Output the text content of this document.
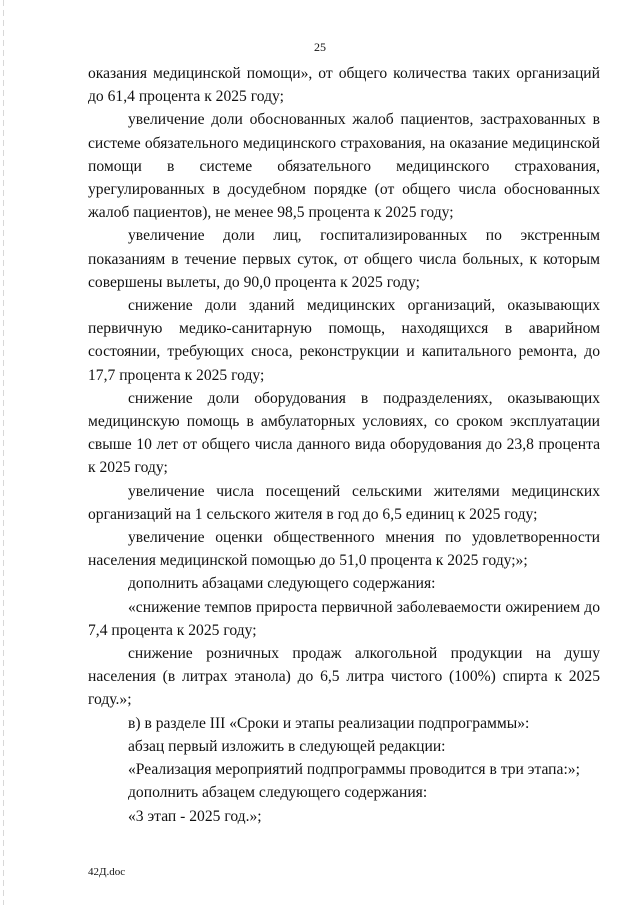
25

оказания медицинской помощи», от общего количества таких организаций до 61,4 процента к 2025 году;

увеличение доли обоснованных жалоб пациентов, застрахованных в системе обязательного медицинского страхования, на оказание медицинской помощи в системе обязательного медицинского страхования, урегулированных в досудебном порядке (от общего числа обоснованных жалоб пациентов), не менее 98,5 процента к 2025 году;

увеличение доли лиц, госпитализированных по экстренным показаниям в течение первых суток, от общего числа больных, к которым совершены вылеты, до 90,0 процента к 2025 году;

снижение доли зданий медицинских организаций, оказывающих первичную медико-санитарную помощь, находящихся в аварийном состоянии, требующих сноса, реконструкции и капитального ремонта, до 17,7 процента к 2025 году;

снижение доли оборудования в подразделениях, оказывающих медицинскую помощь в амбулаторных условиях, со сроком эксплуатации свыше 10 лет от общего числа данного вида оборудования до 23,8 процента к 2025 году;

увеличение числа посещений сельскими жителями медицинских организаций на 1 сельского жителя в год до 6,5 единиц к 2025 году;

увеличение оценки общественного мнения по удовлетворенности населения медицинской помощью до 51,0 процента к 2025 году;»;

дополнить абзацами следующего содержания:

«снижение темпов прироста первичной заболеваемости ожирением до 7,4 процента к 2025 году;

снижение розничных продаж алкогольной продукции на душу населения (в литрах этанола) до 6,5 литра чистого (100%) спирта к 2025 году.»;

в) в разделе III «Сроки и этапы реализации подпрограммы»:

абзац первый изложить в следующей редакции:

«Реализация мероприятий подпрограммы проводится в три этапа:»;

дополнить абзацем следующего содержания:

«3 этап - 2025 год.»;

42Д.doc
